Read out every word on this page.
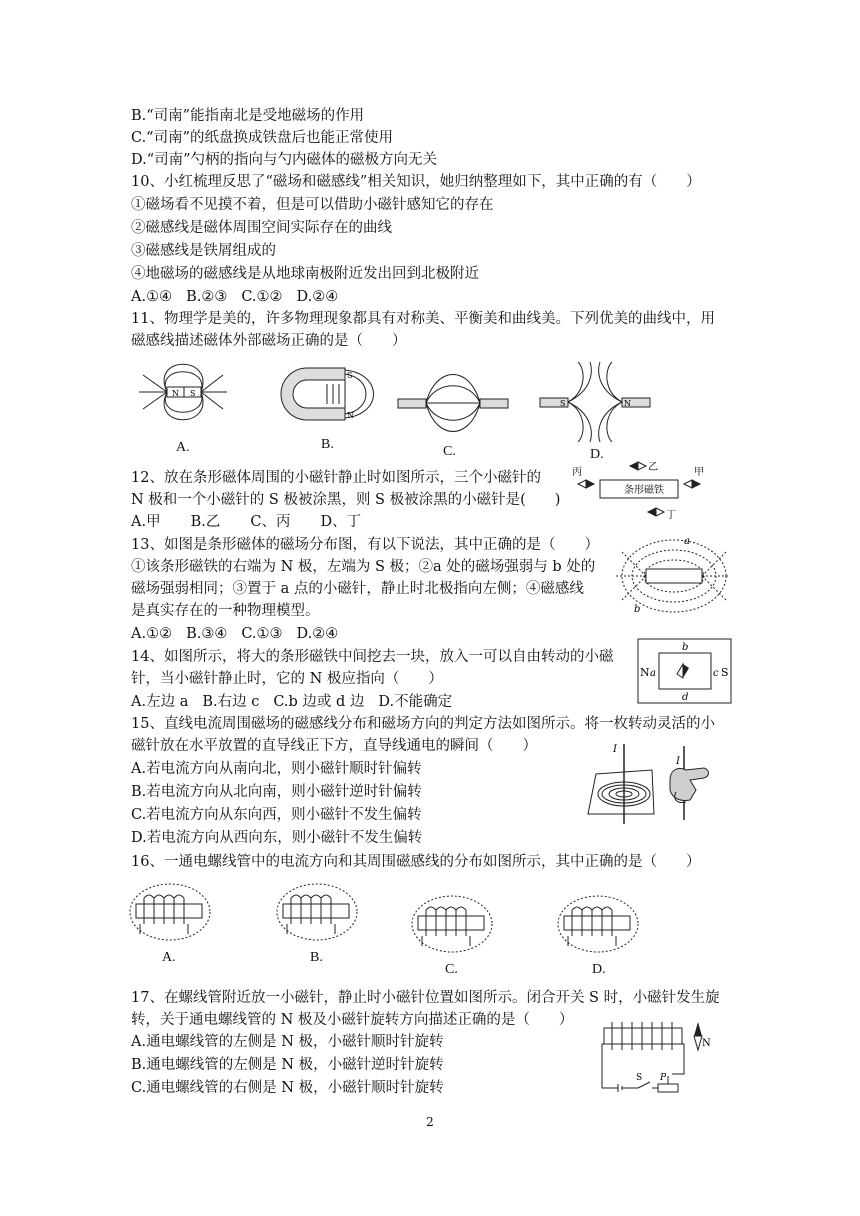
B.“司南”能指南北是受地磁场的作用
C.“司南”的纸盘换成铁盘后也能正常使用
D.“司南”勺柄的指向与勺内磁体的磁极方向无关
10、小红梳理反思了“磁场和磁感线”相关知识，她归纳整理如下，其中正确的有（　　）
①磁场看不见摸不着，但是可以借助小磁针感知它的存在
②磁感线是磁体周围空间实际存在的曲线
③磁感线是铁屑组成的
④地磁场的磁感线是从地球南极附近发出回到北极附近
A.①④ B.②③ C.①② D.②④
11、物理学是美的，许多物理现象都具有对称美、平衡美和曲线美。下列优美的曲线中，用
磁感线描述磁体外部磁场正确的是（　　）
N S
A.
S
N
B.	C.
S	N
D.
12、放在条形磁体周围的小磁针静止时如图所示，三个小磁针的
N 极和一个小磁针的 S 极被涂黑，则 S 极被涂黑的小磁针是(　　)
A.甲 B.乙 C、丙 D、丁
条形磁铁
乙	甲
丙
丁
13、如图是条形磁体的磁场分布图，有以下说法，其中正确的是（　　）
①该条形磁铁的右端为 N 极，左端为 S 极；②a 处的磁场强弱与 b 处的
磁场强弱相同；③置于 a 点的小磁针，静止时北极指向左侧；④磁感线
是真实存在的一种物理模型。
A.①② B.③④ C.①③ D.②④
a
b
14、如图所示，将大的条形磁铁中间挖去一块，放入一可以自由转动的小磁
针，当小磁针静止时，它的 N 极应指向（　　）
A.左边 a B.右边 c C.b 边或 d 边 D.不能确定
N	S
a	c
b
d
15、直线电流周围磁场的磁感线分布和磁场方向的判定方法如图所示。将一枚转动灵活的小
磁针放在水平放置的直导线正下方，直导线通电的瞬间（　　）
A.若电流方向从南向北，则小磁针顺时针偏转
B.若电流方向从北向南，则小磁针逆时针偏转
C.若电流方向从东向西，则小磁针不发生偏转
D.若电流方向从西向东，则小磁针不发生偏转
I
I
16、一通电螺线管中的电流方向和其周围磁感线的分布如图所示，其中正确的是（　　）
A.	B.
C.	D.
17、在螺线管附近放一小磁针，静止时小磁针位置如图所示。闭合开关 S 时，小磁针发生旋
转，关于通电螺线管的 N 极及小磁针旋转方向描述正确的是（　　）
A.通电螺线管的左侧是 N 极，小磁针顺时针旋转
B.通电螺线管的左侧是 N 极，小磁针逆时针旋转
C.通电螺线管的右侧是 N 极，小磁针顺时针旋转
N
S P
2
